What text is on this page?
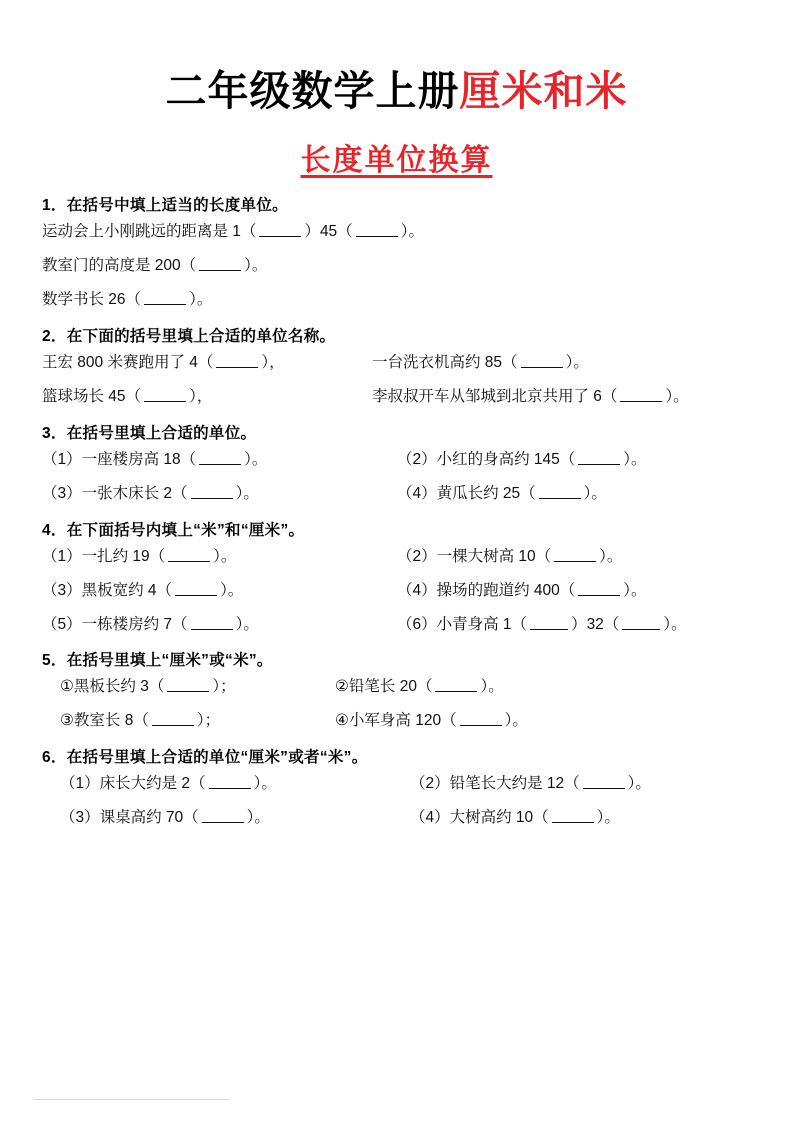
二年级数学上册厘米和米
长度单位换算
1．在括号中填上适当的长度单位。
运动会上小刚跳远的距离是 1（	）45（	）。
教室门的高度是 200（	）。
数学书长 26（	）。
2．在下面的括号里填上合适的单位名称。
王宏 800 米赛跑用了 4（	），	一台洗衣机高约 85（	）。
篮球场长 45（	），	李叔叔开车从邹城到北京共用了 6（	）。
3．在括号里填上合适的单位。
（1）一座楼房高 18（	）。	（2）小红的身高约 145（	）。
（3）一张木床长 2（	）。	（4）黄瓜长约 25（	）。
4．在下面括号内填上“米”和“厘米”。
（1）一扎约 19（	）。	（2）一棵大树高 10（	）。
（3）黑板宽约 4（	）。	（4）操场的跑道约 400（	）。
（5）一栋楼房约 7（	）。	（6）小青身高 1（	）32（	）。
5．在括号里填上“厘米”或“米”。
①黑板长约 3（	）；	②铅笔长 20（	）。
③教室长 8（	）；	④小军身高 120（	）。
6．在括号里填上合适的单位“厘米”或者“米”。
（1）床长大约是 2（	）。	（2）铅笔长大约是 12（	）。
（3）课桌高约 70（	）。	（4）大树高约 10（	）。
